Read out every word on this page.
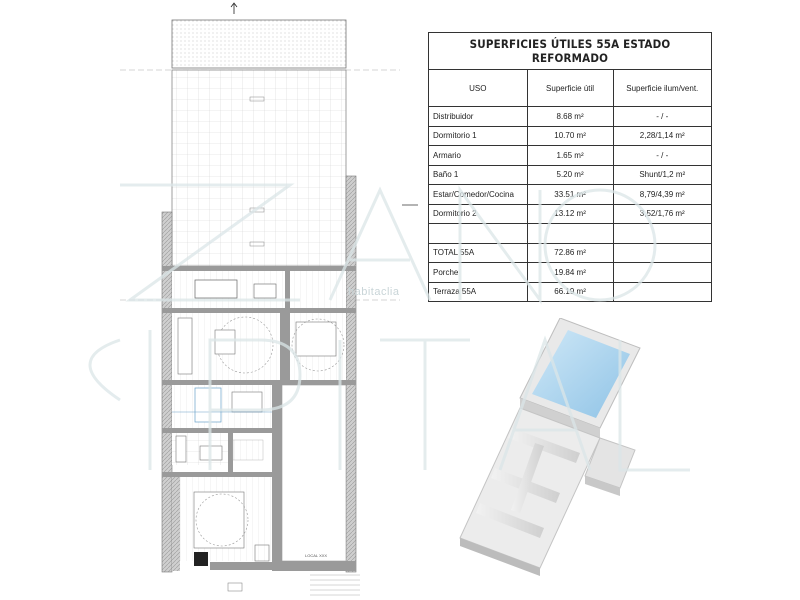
LOCAL XXX
SUPERFICIES ÚTILES 55A ESTADO REFORMADO		
USO	Superficie útil	Superficie ilum/vent.
Distribuidor	8.68 m²	- / -
Dormitorio 1	10.70 m²	2,28/1,14 m²
Armario	1.65 m²	- / -
Baño 1	5.20 m²	Shunt/1,2 m²
Estar/Comedor/Cocina	33.51 m²	8,79/4,39 m²
Dormitorio 2	13.12 m²	3,52/1,76 m²

TOTAL 55A	72.86 m²	
Porche	19.84 m²	
Terraza 55A	66.19 m²	
habitaclia
